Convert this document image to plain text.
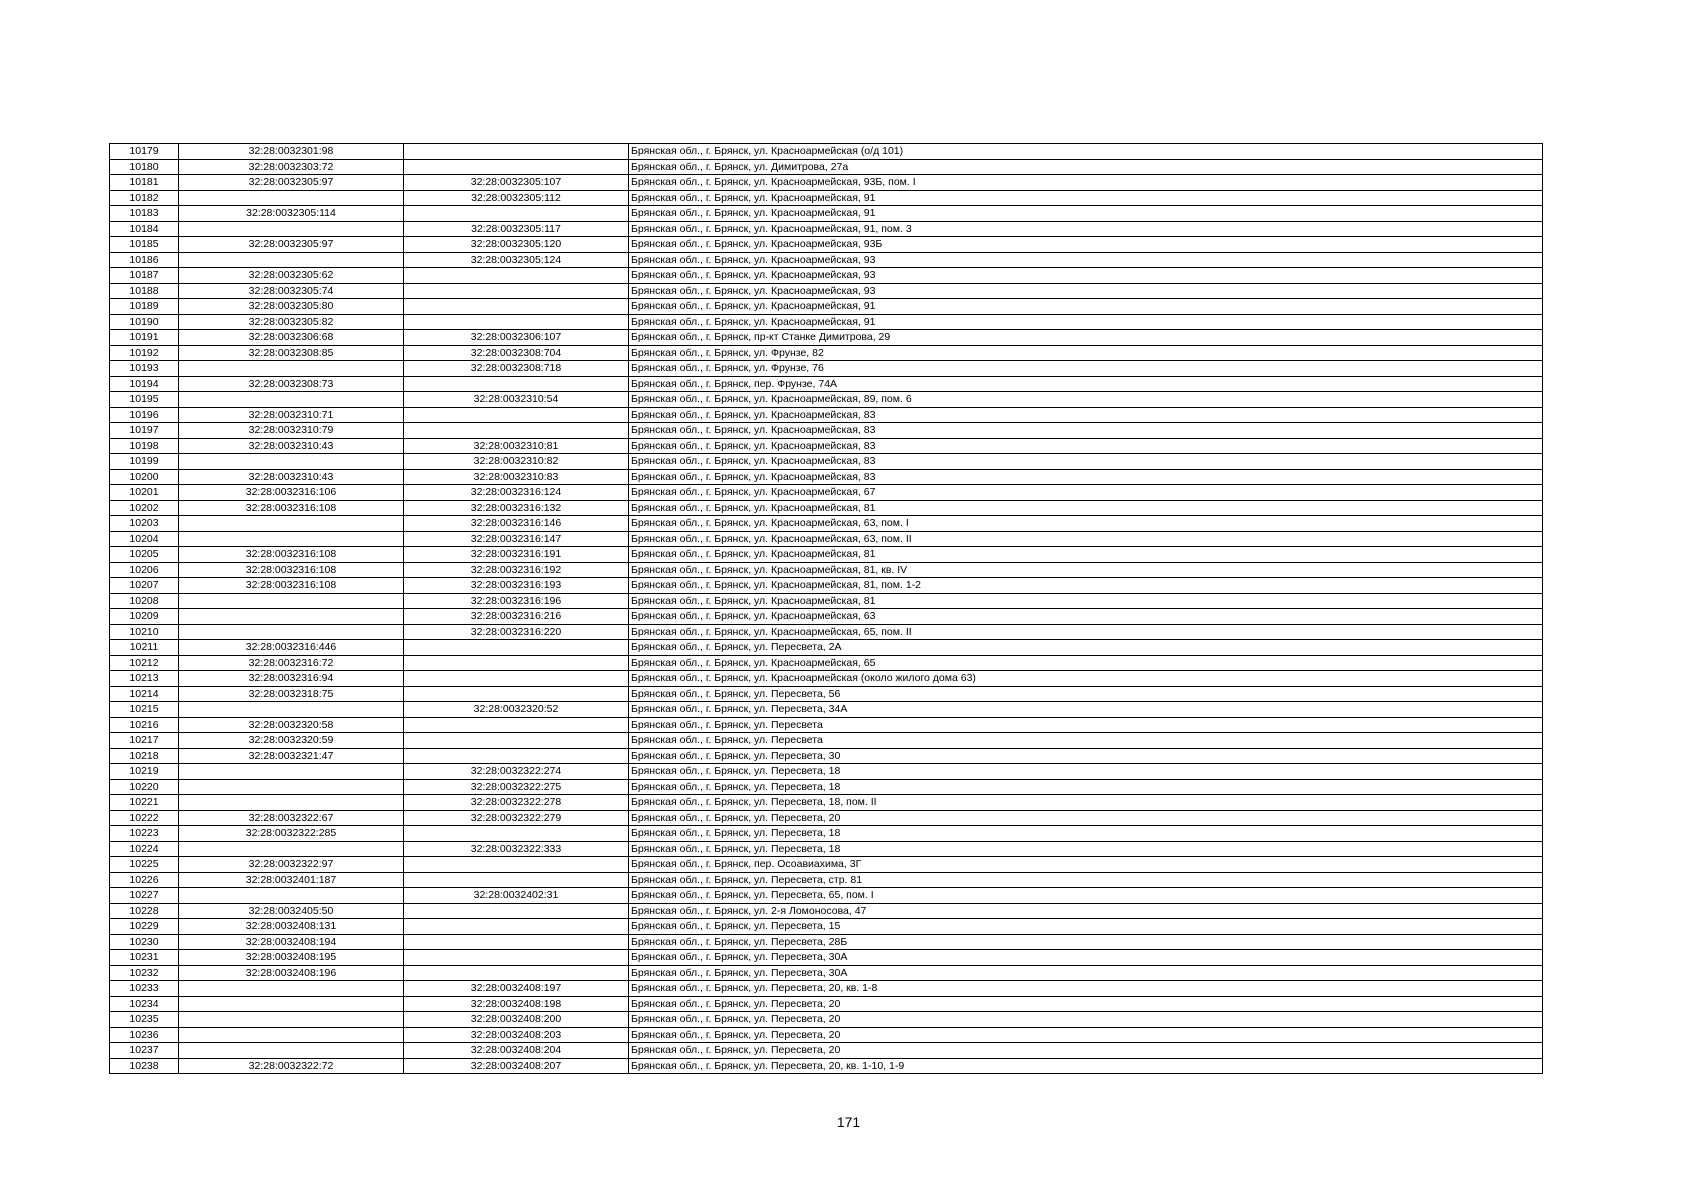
10179	32:28:0032301:98		Брянская обл., г. Брянск, ул. Красноармейская (о/д 101)
10180	32:28:0032303:72		Брянская обл., г. Брянск, ул. Димитрова, 27а
10181	32:28:0032305:97	32:28:0032305:107	Брянская обл., г. Брянск, ул. Красноармейская, 93Б, пом. I
10182		32:28:0032305:112	Брянская обл., г. Брянск, ул. Красноармейская, 91
10183	32:28:0032305:114		Брянская обл., г. Брянск, ул. Красноармейская, 91
10184		32:28:0032305:117	Брянская обл., г. Брянск, ул. Красноармейская, 91, пом. 3
10185	32:28:0032305:97	32:28:0032305:120	Брянская обл., г. Брянск, ул. Красноармейская, 93Б
10186		32:28:0032305:124	Брянская обл., г. Брянск, ул. Красноармейская, 93
10187	32:28:0032305:62		Брянская обл., г. Брянск, ул. Красноармейская, 93
10188	32:28:0032305:74		Брянская обл., г. Брянск, ул. Красноармейская, 93
10189	32:28:0032305:80		Брянская обл., г. Брянск, ул. Красноармейская, 91
10190	32:28:0032305:82		Брянская обл., г. Брянск, ул. Красноармейская, 91
10191	32:28:0032306:68	32:28:0032306:107	Брянская обл., г. Брянск, пр-кт Станке Димитрова, 29
10192	32:28:0032308:85	32:28:0032308:704	Брянская обл., г. Брянск, ул. Фрунзе, 82
10193		32:28:0032308:718	Брянская обл., г. Брянск, ул. Фрунзе, 76
10194	32:28:0032308:73		Брянская обл., г. Брянск, пер. Фрунзе, 74А
10195		32:28:0032310:54	Брянская обл., г. Брянск, ул. Красноармейская, 89, пом. 6
10196	32:28:0032310:71		Брянская обл., г. Брянск, ул. Красноармейская, 83
10197	32:28:0032310:79		Брянская обл., г. Брянск, ул. Красноармейская, 83
10198	32:28:0032310:43	32:28:0032310:81	Брянская обл., г. Брянск, ул. Красноармейская, 83
10199		32:28:0032310:82	Брянская обл., г. Брянск, ул. Красноармейская, 83
10200	32:28:0032310:43	32:28:0032310:83	Брянская обл., г. Брянск, ул. Красноармейская, 83
10201	32:28:0032316:106	32:28:0032316:124	Брянская обл., г. Брянск, ул. Красноармейская, 67
10202	32:28:0032316:108	32:28:0032316:132	Брянская обл., г. Брянск, ул. Красноармейская, 81
10203		32:28:0032316:146	Брянская обл., г. Брянск, ул. Красноармейская, 63, пом. I
10204		32:28:0032316:147	Брянская обл., г. Брянск, ул. Красноармейская, 63, пом. II
10205	32:28:0032316:108	32:28:0032316:191	Брянская обл., г. Брянск, ул. Красноармейская, 81
10206	32:28:0032316:108	32:28:0032316:192	Брянская обл., г. Брянск, ул. Красноармейская, 81, кв. IV
10207	32:28:0032316:108	32:28:0032316:193	Брянская обл., г. Брянск, ул. Красноармейская, 81, пом. 1-2
10208		32:28:0032316:196	Брянская обл., г. Брянск, ул. Красноармейская, 81
10209		32:28:0032316:216	Брянская обл., г. Брянск, ул. Красноармейская, 63
10210		32:28:0032316:220	Брянская обл., г. Брянск, ул. Красноармейская, 65, пом. II
10211	32:28:0032316:446		Брянская обл., г. Брянск, ул. Пересвета, 2А
10212	32:28:0032316:72		Брянская обл., г. Брянск, ул. Красноармейская, 65
10213	32:28:0032316:94		Брянская обл., г. Брянск, ул. Красноармейская (около жилого дома 63)
10214	32:28:0032318:75		Брянская обл., г. Брянск, ул. Пересвета, 56
10215		32:28:0032320:52	Брянская обл., г. Брянск, ул. Пересвета, 34А
10216	32:28:0032320:58		Брянская обл., г. Брянск, ул. Пересвета
10217	32:28:0032320:59		Брянская обл., г. Брянск, ул. Пересвета
10218	32:28:0032321:47		Брянская обл., г. Брянск, ул. Пересвета, 30
10219		32:28:0032322:274	Брянская обл., г. Брянск, ул. Пересвета, 18
10220		32:28:0032322:275	Брянская обл., г. Брянск, ул. Пересвета, 18
10221		32:28:0032322:278	Брянская обл., г. Брянск, ул. Пересвета, 18, пом. II
10222	32:28:0032322:67	32:28:0032322:279	Брянская обл., г. Брянск, ул. Пересвета, 20
10223	32:28:0032322:285		Брянская обл., г. Брянск, ул. Пересвета, 18
10224		32:28:0032322:333	Брянская обл., г. Брянск, ул. Пересвета, 18
10225	32:28:0032322:97		Брянская обл., г. Брянск, пер. Осоавиахима, 3Г
10226	32:28:0032401:187		Брянская обл., г. Брянск, ул. Пересвета, стр. 81
10227		32:28:0032402:31	Брянская обл., г. Брянск, ул. Пересвета, 65, пом. I
10228	32:28:0032405:50		Брянская обл., г. Брянск, ул. 2-я Ломоносова, 47
10229	32:28:0032408:131		Брянская обл., г. Брянск, ул. Пересвета, 15
10230	32:28:0032408:194		Брянская обл., г. Брянск, ул. Пересвета, 28Б
10231	32:28:0032408:195		Брянская обл., г. Брянск, ул. Пересвета, 30А
10232	32:28:0032408:196		Брянская обл., г. Брянск, ул. Пересвета, 30А
10233		32:28:0032408:197	Брянская обл., г. Брянск, ул. Пересвета, 20, кв. 1-8
10234		32:28:0032408:198	Брянская обл., г. Брянск, ул. Пересвета, 20
10235		32:28:0032408:200	Брянская обл., г. Брянск, ул. Пересвета, 20
10236		32:28:0032408:203	Брянская обл., г. Брянск, ул. Пересвета, 20
10237		32:28:0032408:204	Брянская обл., г. Брянск, ул. Пересвета, 20
10238	32:28:0032322:72	32:28:0032408:207	Брянская обл., г. Брянск, ул. Пересвета, 20, кв. 1-10, 1-9
171
